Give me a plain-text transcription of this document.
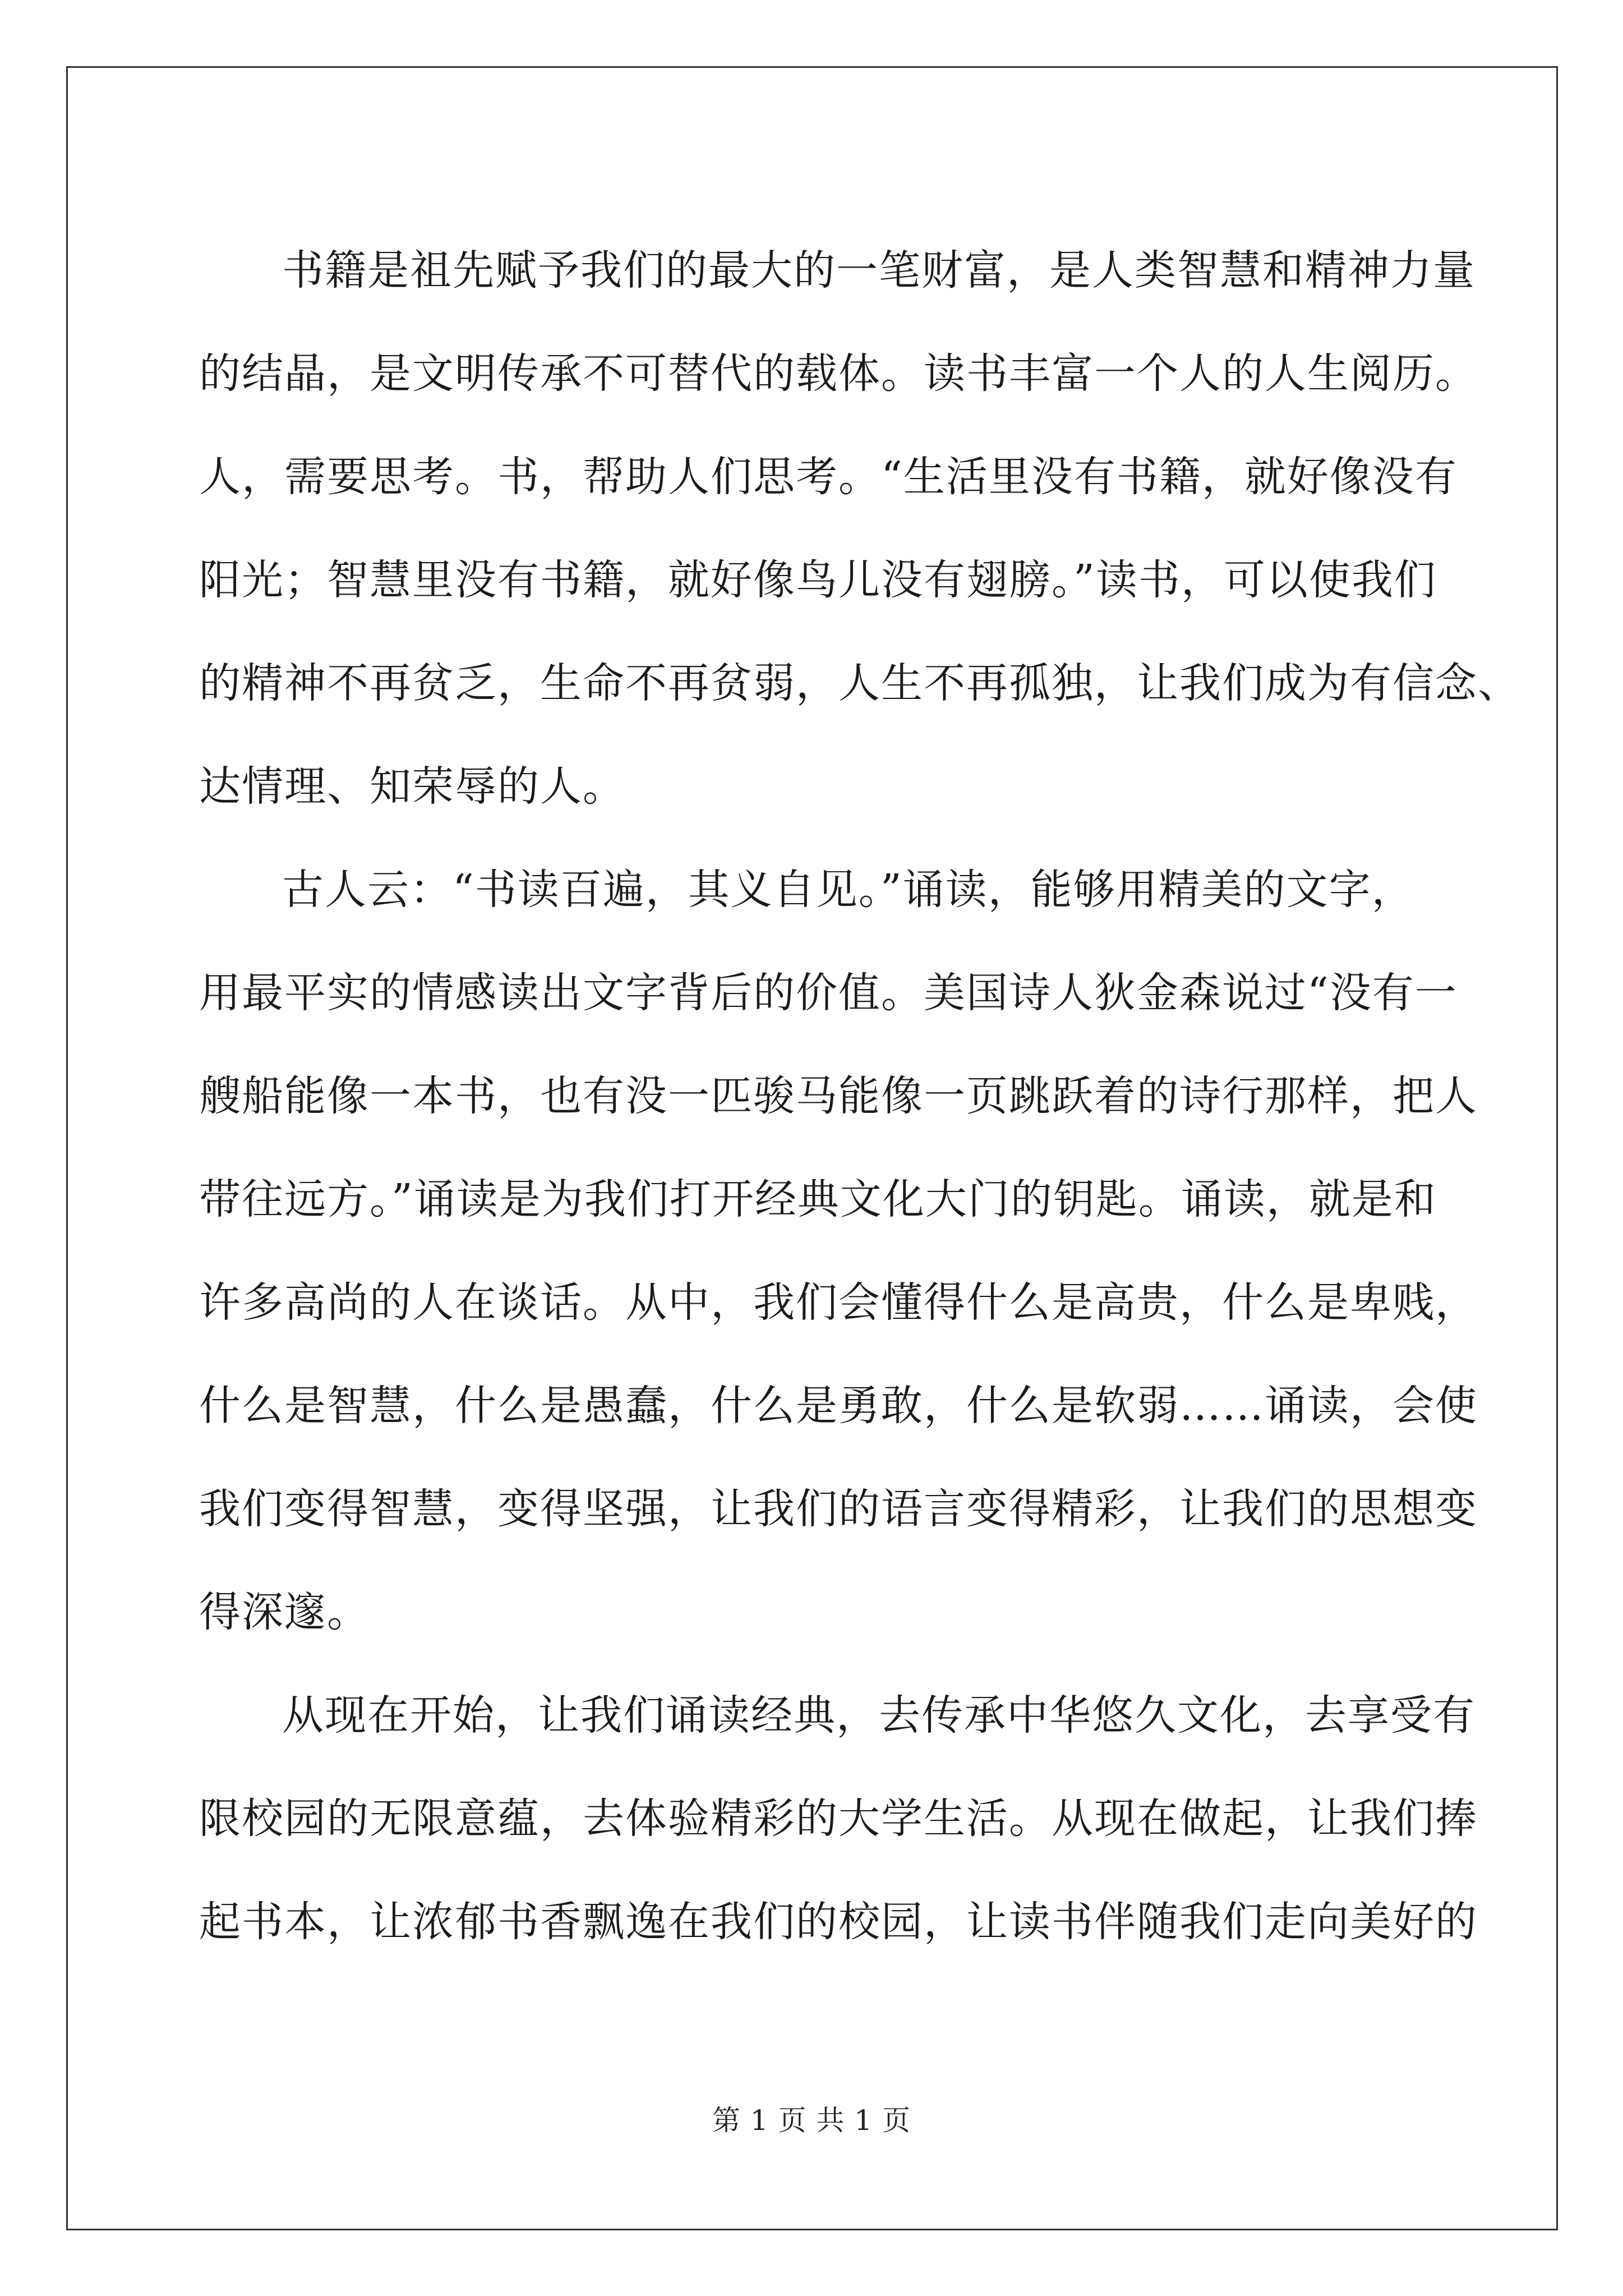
书籍是祖先赋予我们的最大的一笔财富，是人类智慧和精神力量
的结晶，是文明传承不可替代的载体。读书丰富一个人的人生阅历。
人，需要思考。书，帮助人们思考。“生活里没有书籍，就好像没有
阳光；智慧里没有书籍，就好像鸟儿没有翅膀。”读书，可以使我们
的精神不再贫乏，生命不再贫弱，人生不再孤独，让我们成为有信念、
达情理、知荣辱的人。
古人云：“书读百遍，其义自见。”诵读，能够用精美的文字，
用最平实的情感读出文字背后的价值。美国诗人狄金森说过“没有一
艘船能像一本书，也有没一匹骏马能像一页跳跃着的诗行那样，把人
带往远方。”诵读是为我们打开经典文化大门的钥匙。诵读，就是和
许多高尚的人在谈话。从中，我们会懂得什么是高贵，什么是卑贱，
什么是智慧，什么是愚蠢，什么是勇敢，什么是软弱……诵读，会使
我们变得智慧，变得坚强，让我们的语言变得精彩，让我们的思想变
得深邃。
从现在开始，让我们诵读经典，去传承中华悠久文化，去享受有
限校园的无限意蕴，去体验精彩的大学生活。从现在做起，让我们捧
起书本，让浓郁书香飘逸在我们的校园，让读书伴随我们走向美好的
第 1 页 共 1 页
